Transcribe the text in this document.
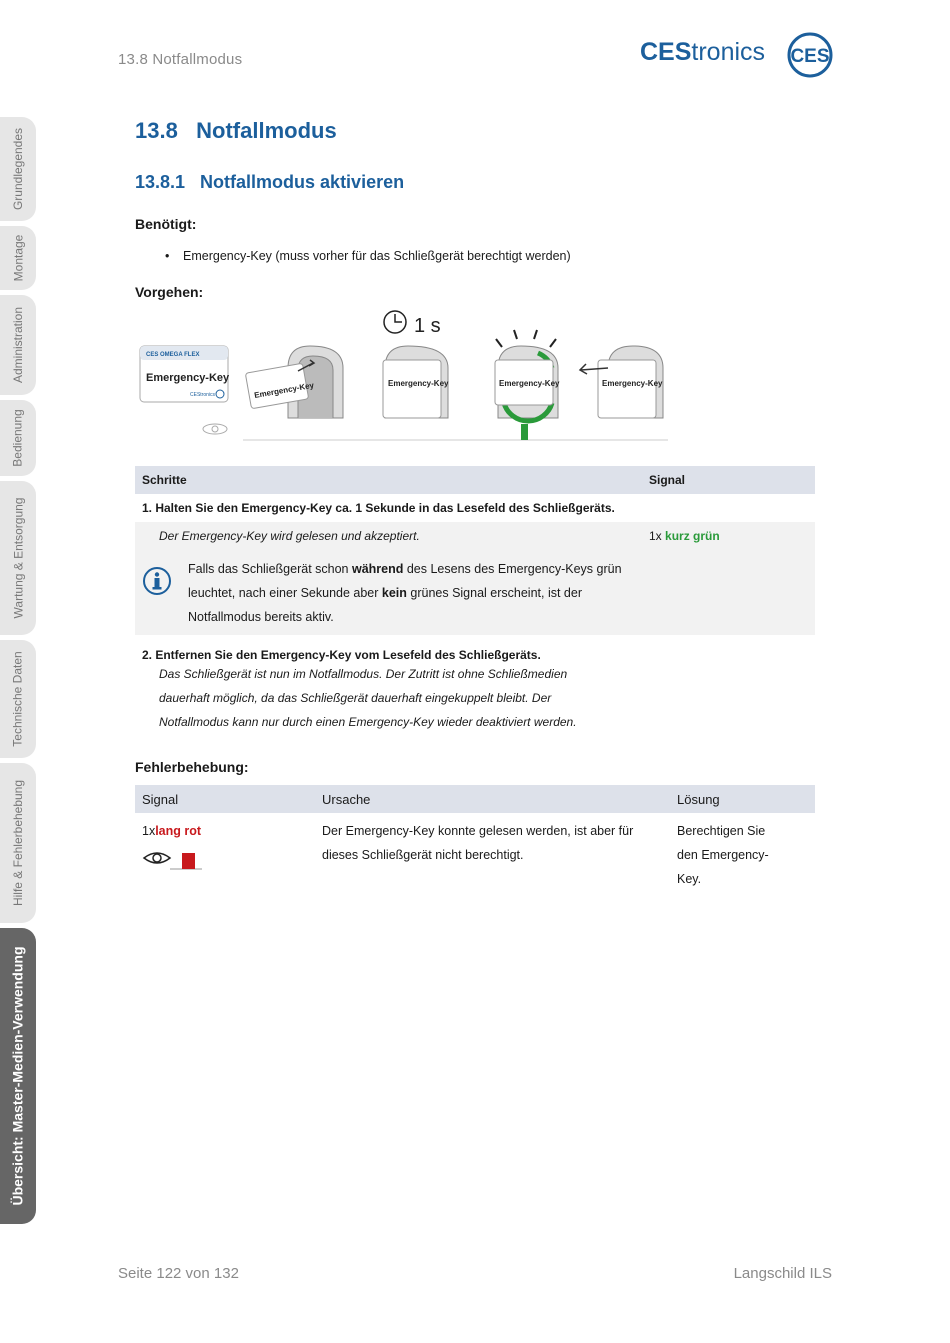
13.8 Notfallmodus	CEStronics CES
Grundlegendes
Montage
Administration
Bedienung
Wartung & Entsorgung
Technische Daten
Hilfe & Fehlerbehebung
Übersicht: Master-Medien-Verwendung
13.8   Notfallmodus
13.8.1   Notfallmodus aktivieren
Benötigt:
• Emergency-Key (muss vorher für das Schließgerät berechtigt werden)
Vorgehen:
CES OMEGA FLEX
Emergency-Key
CEStronics	Emergency-Key
1 s
Emergency-Key	Emergency-Key	Emergency-Key
Schritte	Signal
1. Halten Sie den Emergency-Key ca. 1 Sekunde in das Lesefeld des Schließgeräts.	
Der Emergency-Key wird gelesen und akzeptiert.	1x kurz grün

Falls das Schließgerät schon während des Lesens des Emergency-Keys grün leuchtet, nach einer Sekunde aber kein grünes Signal erscheint, ist der Notfallmodus bereits aktiv.	

2. Entfernen Sie den Emergency-Key vom Lesefeld des Schließgeräts.	
Das Schließgerät ist nun im Notfallmodus. Der Zutritt ist ohne Schließmedien dauerhaft möglich, da das Schließgerät dauerhaft eingekuppelt bleibt. Der Notfallmodus kann nur durch einen Emergency-Key wieder deaktiviert werden.	
Fehlerbehebung:
Signal	Ursache	Lösung
1xlang rot	Der Emergency-Key konnte gelesen werden, ist aber für dieses Schließgerät nicht berechtigt.	Berechtigen Sie den Emergency-Key.
Seite 122 von 132	Langschild ILS
